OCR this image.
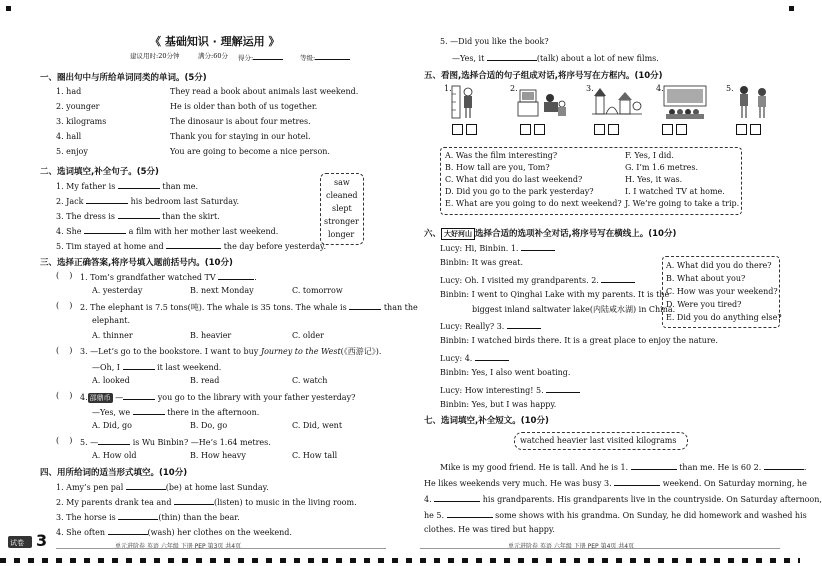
《 基础知识 · 理解运用 》
建议用时:20分钟	满分:60分 得分:	等级:
一、圈出句中与所给单词同类的单词。(5分)
1. had	They read a book about animals last weekend.
2. younger	He is older than both of us together.
3. kilograms	The dinosaur is about four metres.
4. hall	Thank you for staying in our hotel.
5. enjoy	You are going to become a nice person.
二、选词填空,补全句子。(5分)
1. My father is	than me.
2. Jack	his bedroom last Saturday.
3. The dress is	than the skirt.
4. She	a film with her mother last weekend.
5. Tim stayed at home and	the day before yesterday.
saw
cleaned
slept
stronger
longer
三、选择正确答案,将序号填入题前括号内。(10分)
(    ) 1. Tom’s grandfather watched TV	.
A. yesterday	B. next Monday	C. tomorrow
(    ) 2. The elephant is 7.5 tons(吨). The whale is 35 tons. The whale is	than the
elephant.
A. thinner	B. heavier	C. older
(    ) 3. —Let’s go to the bookstore. I want to buy Journey to the West(《西游记》).
—Oh, I	it last weekend.
A. looked	B. read	C. watch
(    ) 4. 邵鼎币 —	you go to the library with your father yesterday?
—Yes, we	there in the afternoon.
A. Did, go	B. Do, go	C. Did, went
(    ) 5. —	is Wu Binbin? —He’s 1.64 metres.
A. How old	B. How heavy	C. How tall
四、用所给词的适当形式填空。(10分)
1. Amy’s pen pal	(be) at home last Sunday.
2. My parents drank tea and	(listen) to music in the living room.
3. The horse is	(thin) than the bear.
4. She often	(wash) her clothes on the weekend.
试卷 3	单元进阶卷 英语 六年级 下册 PEP 第3页 共4页
5. —Did you like the book?
—Yes, it	(talk) about a lot of new films.
五、看图,选择合适的句子组成对话,将序号写在方框内。(10分)
1.	2.	3.	4.	5.
A. Was the film interesting?
B. How tall are you, Tom?
C. What did you do last weekend?
D. Did you go to the park yesterday?
E. What are you going to do next weekend?
F. Yes, I did.
G. I’m 1.6 metres.
H. Yes, it was.
I. I watched TV at home.
J. We’re going to take a trip.
六、 大好河山 选择合适的选项补全对话,将序号写在横线上。(10分)
Lucy: Hi, Binbin. 1.
Binbin: It was great.
Lucy: Oh. I visited my grandparents. 2.
Binbin: I went to Qinghai Lake with my parents. It is the
biggest inland saltwater lake(内陆咸水湖) in China.
Lucy: Really? 3.
Binbin: I watched birds there. It is a great place to enjoy the nature.
Lucy: 4.
Binbin: Yes, I also went boating.
Lucy: How interesting! 5.
Binbin: Yes, but I was happy.
A. What did you do there?
B. What about you?
C. How was your weekend?
D. Were you tired?
E. Did you do anything else?
七、选词填空,补全短文。(10分)
watched heavier last visited kilograms
Mike is my good friend. He is tall. And he is 1.	than me. He is 60 2.	.
He likes weekends very much. He was busy 3.	weekend. On Saturday morning, he
4.	his grandparents. His grandparents live in the countryside. On Saturday afternoon,
he 5.	some shows with his grandma. On Sunday, he did homework and washed his
clothes. He was tired but happy.
单元进阶卷 英语 六年级 下册 PEP 第4页 共4页
